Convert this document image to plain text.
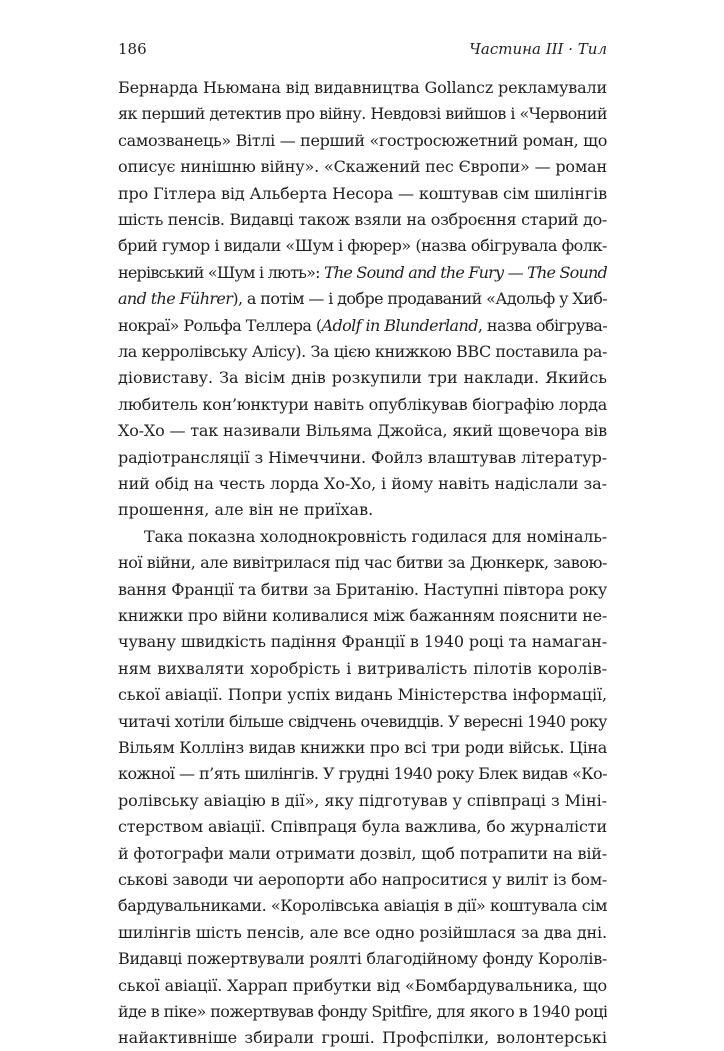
186	Частина ІІІ · Тил
Бернарда Ньюмана від видавництва Gollancz рекламували
як перший детектив про війну. Невдовзі вийшов і «Червоний
самозванець» Вітлі — перший «гостросюжетний роман, що
описує нинішню війну». «Скажений пес Європи» — роман
про Гітлера від Альберта Несора — коштував сім шилінгів
шість пенсів. Видавці також взяли на озброєння старий до-
брий гумор і видали «Шум і фюрер» (назва обігрувала фолк-
нерівський «Шум і лють»: The Sound and the Fury — The Sound
and the Führer), а потім — і добре продаваний «Адольф у Хиб-
нокраї» Рольфа Теллера (Adolf in Blunderland, назва обігрува-
ла керролівську Алісу). За цією книжкою BBC поставила ра-
діовиставу. За вісім днів розкупили три наклади. Якийсь
любитель кон’юнктури навіть опублікував біографію лорда
Хо-Хо — так називали Вільяма Джойса, який щовечора вів
радіотрансляції з Німеччини. Фойлз влаштував літератур-
ний обід на честь лорда Хо-Хо, і йому навіть надіслали за-
прошення, але він не приїхав.
Така показна холоднокровність годилася для номіналь-
ної війни, але вивітрилася під час битви за Дюнкерк, завою-
вання Франції та битви за Британію. Наступні півтора року
книжки про війни коливалися між бажанням пояснити не-
чувану швидкість падіння Франції в 1940 році та намаган-
ням вихваляти хоробрість і витривалість пілотів королів-
ської авіації. Попри успіх видань Міністерства інформації,
читачі хотіли більше свідчень очевидців. У вересні 1940 року
Вільям Коллінз видав книжки про всі три роди військ. Ціна
кожної — п’ять шилінгів. У грудні 1940 року Блек видав «Ко-
ролівську авіацію в дії», яку підготував у співпраці з Міні-
стерством авіації. Співпраця була важлива, бо журналісти
й фотографи мали отримати дозвіл, щоб потрапити на вій-
ськові заводи чи аеропорти або напроситися у виліт із бом-
бардувальниками. «Королівська авіація в дії» коштувала сім
шилінгів шість пенсів, але все одно розійшлася за два дні.
Видавці пожертвували роялті благодійному фонду Королів-
ської авіації. Харрап прибутки від «Бомбардувальника, що
йде в піке» пожертвував фонду Spitfire, для якого в 1940 році
найактивніше збирали гроші. Профспілки, волонтерські
